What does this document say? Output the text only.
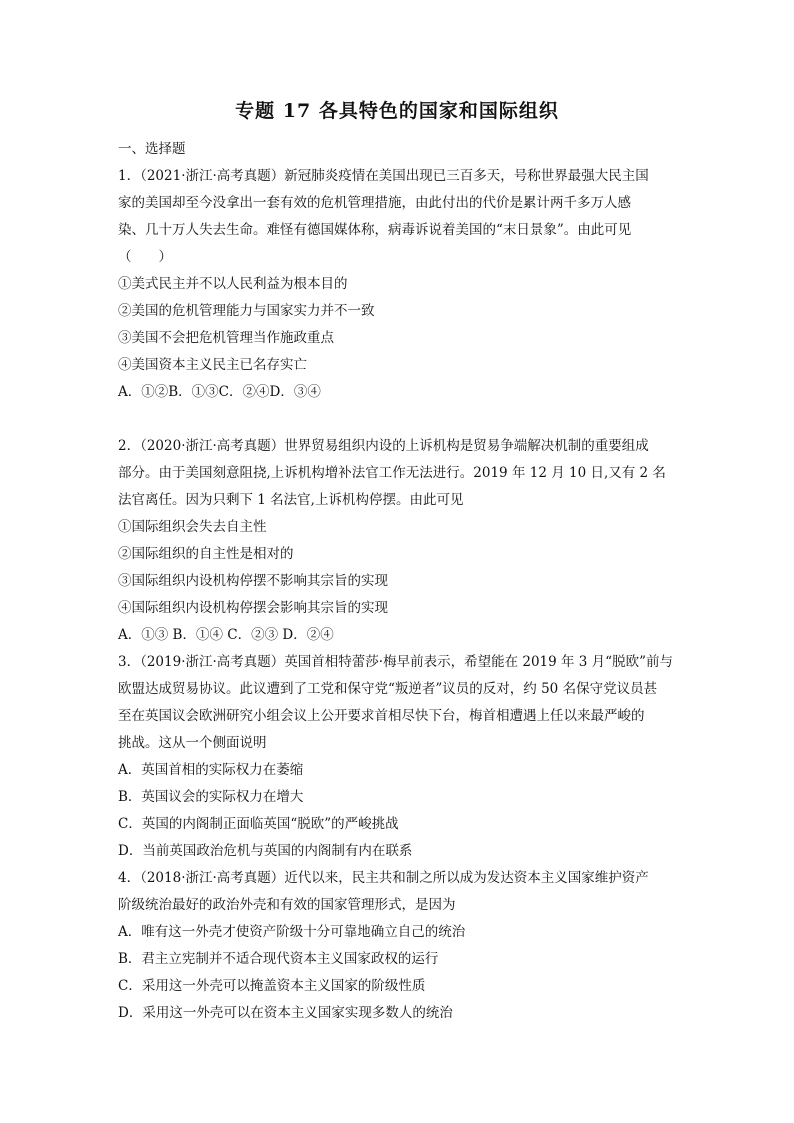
专题 17 各具特色的国家和国际组织
一、选择题
1．（2021·浙江·高考真题）新冠肺炎疫情在美国出现已三百多天，号称世界最强大民主国
家的美国却至今没拿出一套有效的危机管理措施，由此付出的代价是累计两千多万人感
染、几十万人失去生命。难怪有德国媒体称，病毒诉说着美国的“末日景象”。由此可见
（　　）
①美式民主并不以人民利益为根本目的
②美国的危机管理能力与国家实力并不一致
③美国不会把危机管理当作施政重点
④美国资本主义民主已名存实亡
A．①②B．①③C．②④D．③④
2．（2020·浙江·高考真题）世界贸易组织内设的上诉机构是贸易争端解决机制的重要组成
部分。由于美国刻意阻挠,上诉机构增补法官工作无法进行。2019 年 12 月 10 日,又有 2 名
法官离任。因为只剩下 1 名法官,上诉机构停摆。由此可见
①国际组织会失去自主性
②国际组织的自主性是相对的
③国际组织内设机构停摆不影响其宗旨的实现
④国际组织内设机构停摆会影响其宗旨的实现
A．①③ B．①④ C．②③ D．②④
3．（2019·浙江·高考真题）英国首相特蕾莎·梅早前表示，希望能在 2019 年 3 月“脱欧”前与
欧盟达成贸易协议。此议遭到了工党和保守党“叛逆者”议员的反对，约 50 名保守党议员甚
至在英国议会欧洲研究小组会议上公开要求首相尽快下台，梅首相遭遇上任以来最严峻的
挑战。这从一个侧面说明
A．英国首相的实际权力在萎缩
B．英国议会的实际权力在增大
C．英国的内阁制正面临英国“脱欧”的严峻挑战
D．当前英国政治危机与英国的内阁制有内在联系
4．（2018·浙江·高考真题）近代以来，民主共和制之所以成为发达资本主义国家维护资产
阶级统治最好的政治外壳和有效的国家管理形式，是因为
A．唯有这一外壳才使资产阶级十分可靠地确立自己的统治
B．君主立宪制并不适合现代资本主义国家政权的运行
C．采用这一外壳可以掩盖资本主义国家的阶级性质
D．采用这一外壳可以在资本主义国家实现多数人的统治
